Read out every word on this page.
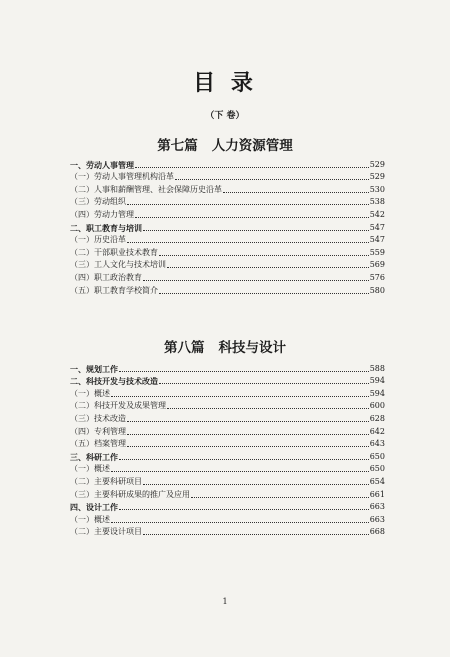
目 录
（下 卷）
第七篇 人力资源管理
一、劳动人事管理	529
（一）劳动人事管理机构沿革	529
（二）人事和薪酬管理、社会保障历史沿革	530
（三）劳动组织	538
（四）劳动力管理	542
二、职工教育与培训	547
（一）历史沿革	547
（二）干部职业技术教育	559
（三）工人文化与技术培训	569
（四）职工政治教育	576
（五）职工教育学校简介	580
第八篇 科技与设计
一、规划工作	588
二、科技开发与技术改造	594
（一）概述	594
（二）科技开发及成果管理	600
（三）技术改造	628
（四）专利管理	642
（五）档案管理	643
三、科研工作	650
（一）概述	650
（二）主要科研项目	654
（三）主要科研成果的推广及应用	661
四、设计工作	663
（一）概述	663
（二）主要设计项目	668
1
